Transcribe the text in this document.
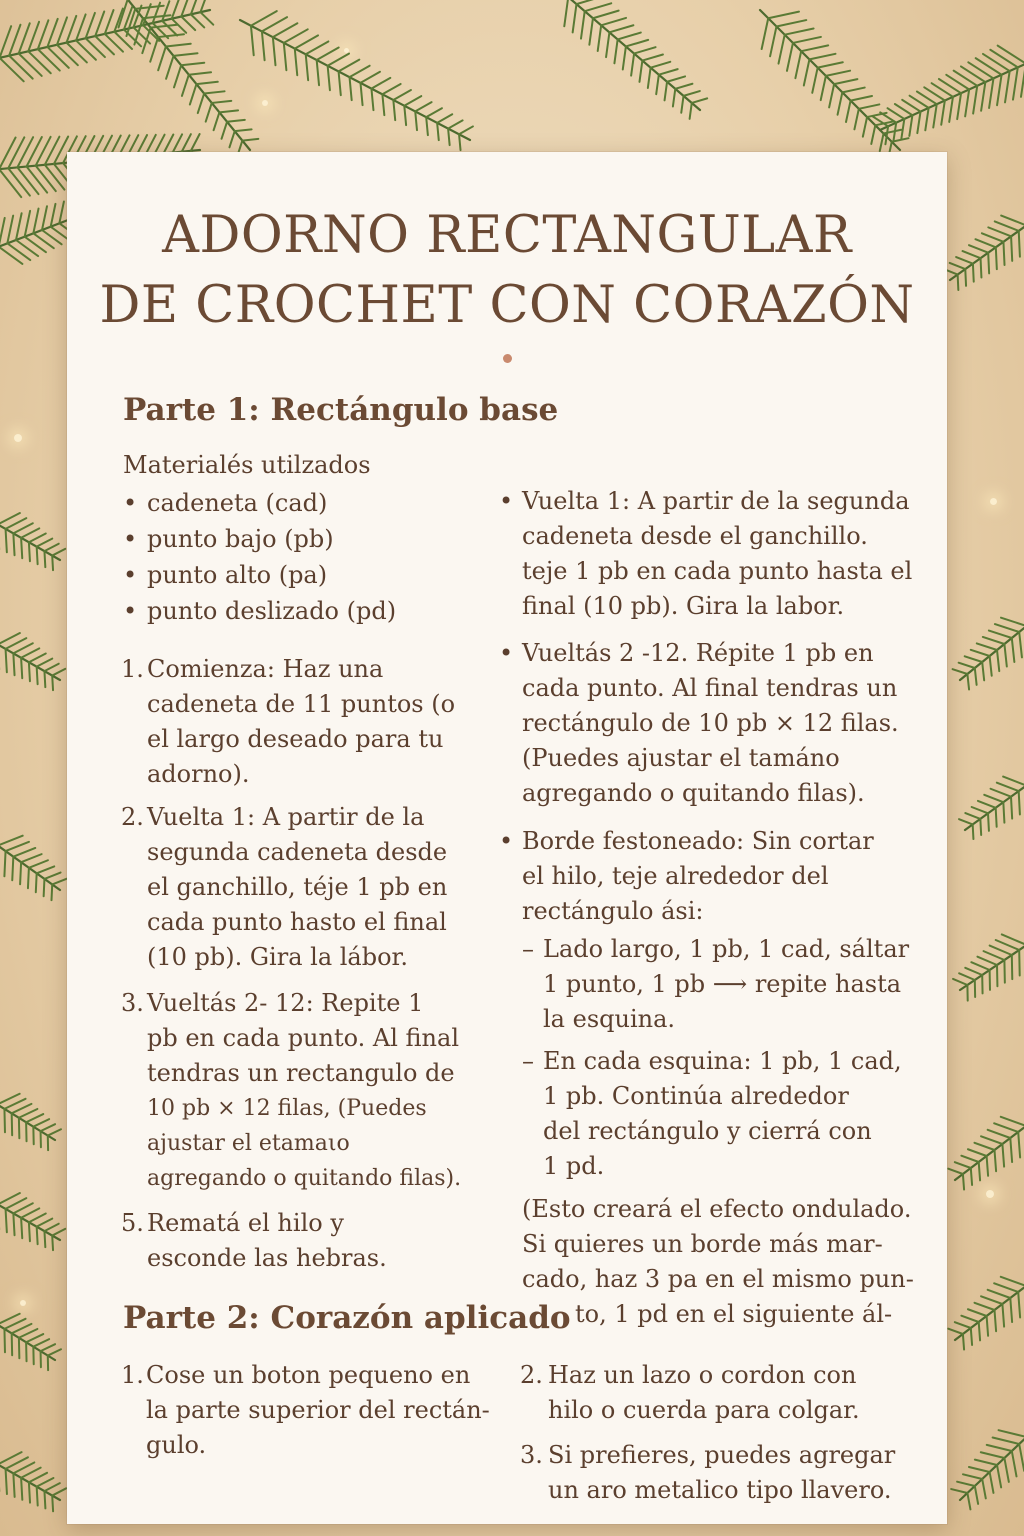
ADORNO RECTANGULAR
DE CROCHET CON CORAZÓN
Parte 1: Rectángulo base

Materialés utilzados

• cadeneta (cad)

• punto bajo (pb)

• punto alto (pa)

• punto deslizado (pd)

1. Comienza: Haz una

cadeneta de 11 puntos (o

el largo deseado para tu

adorno).

2. Vuelta 1: A partir de la

segunda cadeneta desde

el ganchillo, téje 1 pb en

cada punto hasto el final

(10 pb). Gira la lábor.

3. Vueltás 2- 12: Repite 1

pb en cada punto. Al final

tendras un rectangulo de

10 pb × 12 filas, (Puedes

ajustar el etamaιo

agregando o quitando filas).

5. Rematá el hilo y

esconde las hebras.

• Vuelta 1: A partir de la segunda

cadeneta desde el ganchillo.

teje 1 pb en cada punto hasta el

final (10 pb). Gira la labor.

• Vueltás 2 -12. Répite 1 pb en

cada punto. Al final tendras un

rectángulo de 10 pb × 12 filas.

(Puedes ajustar el tamáno

agregando o quitando filas).

• Borde festoneado: Sin cortar

el hilo, teje alrededor del

rectángulo ási:

– Lado largo, 1 pb, 1 cad, sáltar

1 punto, 1 pb ⟶ repite hasta

la esquina.

– En cada esquina: 1 pb, 1 cad,

1 pb. Continúa alrededor

del rectángulo y cierrá con

1 pd.

(Esto creará el efecto ondulado.

Si quieres un borde más mar-

cado, haz 3 pa en el mismo pun-

to, 1 pd en el siguiente ál-

Parte 2: Corazón aplicado

1. Cose un boton pequeno en

la parte superior del rectán-

gulo.

2. Haz un lazo o cordon con

hilo o cuerda para colgar.

3. Si prefieres, puedes agregar

un aro metalico tipo llavero.
